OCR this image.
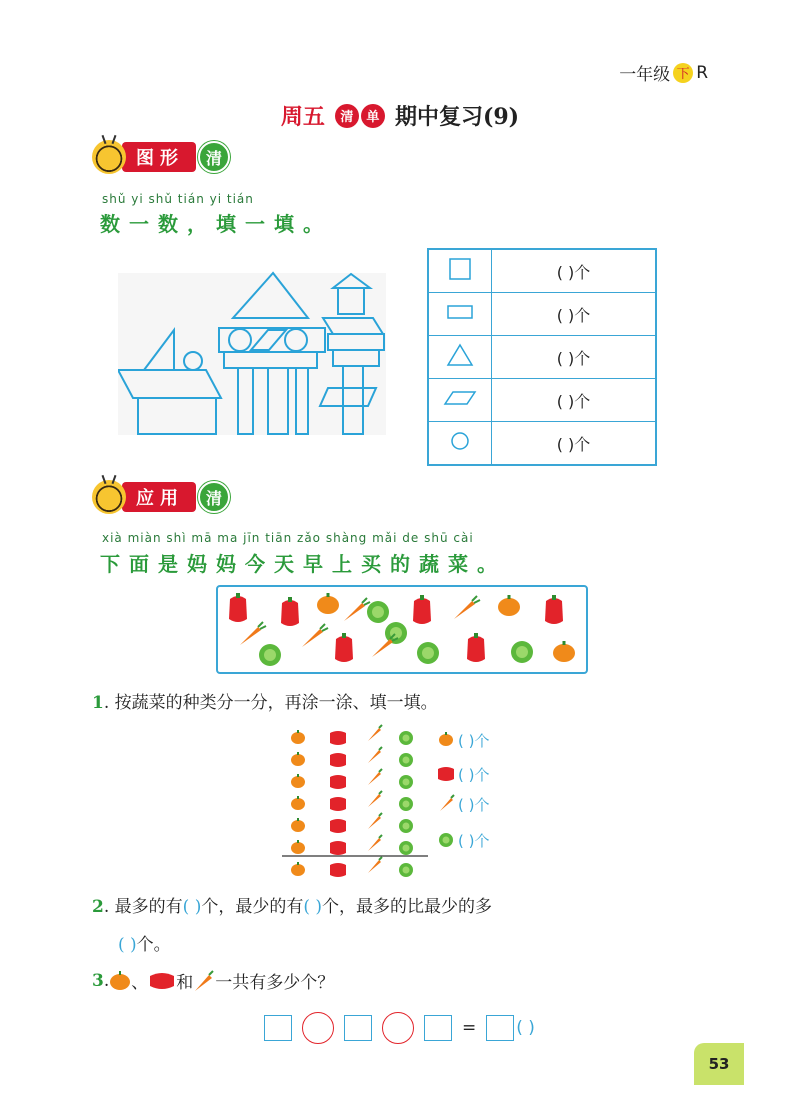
一年级 下 R
周五	清 单 期中复习(9)
图形	清
shǔ yi shǔ tián yi tián
数一数，填一填。
	( )个
	( )个
	( )个
	( )个
	( )个
应用	清
xià miàn shì mā ma jīn tiān zǎo shàng mǎi de shū cài
下面是妈妈今天早上买的蔬菜。
1. 按蔬菜的种类分一分，再涂一涂、填一填。
( )个
( )个
( )个
( )个
2. 最多的有( )个，最少的有( )个，最多的比最少的多
( )个。
3 . 、 和 一共有多少个？
= ( )
53
